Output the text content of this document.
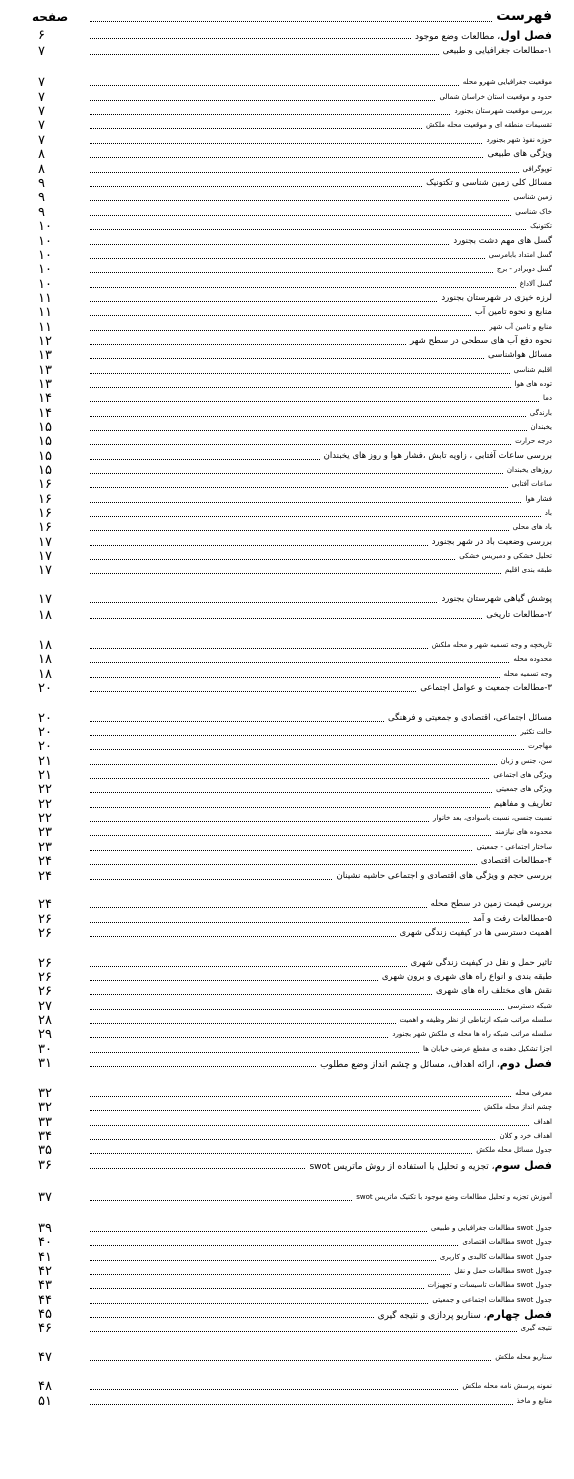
فهرست
صفحه
۶	فصل اول، مطالعات وضع موجود
۷	۱-مطالعات جغرافیایی و طبیعی
۷	موقعیت جغرافیایی شهرو محله
۷	حدود و موقعیت استان خراسان شمالی
۷	بررسی موقعیت شهرستان بجنورد
۷	تقسیمات منطقه ای و موقعیت محله ملکش
۷	حوزه نفوذ شهر بجنورد
۸	ویژگی های طبیعی
۸	توپوگرافی
۹	مسائل کلی زمین شناسی و تکتونیک
۹	زمین شناسی
۹	خاک شناسی
۱۰	تکتونیک
۱۰	گسل های مهم دشت بجنورد
۱۰	گسل امتداد بابامرسی
۱۰	گسل دوبرادر - برج
۱۰	گسل آلاداغ
۱۱	لرزه خیزی در شهرستان بجنورد
۱۱	منابع و نحوه تامین آب
۱۱	منابع و تامین آب شهر
۱۲	نحوه دفع آب های سطحی در سطح شهر
۱۳	مسائل هواشناسی
۱۳	اقلیم شناسی
۱۳	توده های هوا
۱۴	دما
۱۴	بارندگی
۱۵	یخبندان
۱۵	درجه حرارت
۱۵	بررسی ساعات آفتابی ، زاویه تابش ،فشار هوا و روز های یخبندان
۱۵	روزهای یخبندان
۱۶	ساعات آفتابی
۱۶	فشار هوا
۱۶	باد
۱۶	باد های محلی
۱۷	بررسی وضعیت باد در شهر بجنورد
۱۷	تحلیل خشکی و دمبریس خشکی
۱۷	طبقه بندی اقلیم
۱۷	پوشش گیاهی شهرستان بجنورد
۱۸	۲-مطالعات تاریخی
۱۸	تاریخچه و وجه تسمیه شهر و محله ملکش
۱۸	محدوده محله
۱۸	وجه تسمیه محله
۲۰	۳-مطالعات جمعیت و عوامل اجتماعی
۲۰	مسائل اجتماعی، اقتصادی و جمعیتی و فرهنگی
۲۰	حالت تکثیر
۲۰	مهاجرت
۲۱	سن، جنس و زبان
۲۱	ویژگی های اجتماعی
۲۲	ویژگی های جمعیتی
۲۲	تعاریف و مفاهیم
۲۲	نسبت جنسی، نسبت باسوادی، بعد خانوار
۲۳	محدوده های نیازمند
۲۳	ساختار اجتماعی - جمعیتی
۲۴	۴-مطالعات اقتصادی
۲۴	بررسی حجم و ویژگی های اقتصادی و اجتماعی حاشیه نشینان
۲۴	بررسی قیمت زمین در سطح محله
۲۶	۵-مطالعات رفت و آمد
۲۶	اهمیت دسترسی ها در کیفیت زندگی شهری
۲۶	تاثیر حمل و نقل در کیفیت زندگی شهری
۲۶	طبقه بندی و انواع راه های شهری و برون شهری
۲۶	نقش های مختلف راه های شهری
۲۷	شبکه دسترسی
۲۸	سلسله مراتب شبکه ارتباطی از نظر وظیفه و اهمیت
۲۹	سلسله مراتب شبکه راه ها محله ی ملکش شهر بجنورد
۳۰	اجزا تشکیل دهنده ی مقطع عرضی خیابان ها
۳۱	فصل دوم، ارائه اهداف، مسائل و چشم انداز وضع مطلوب
۳۲	معرفی محله
۳۲	چشم انداز محله ملکش
۳۳	اهداف
۳۴	اهداف خرد و کلان
۳۵	جدول مسائل محله ملکش
۳۶	فصل سوم، تجزیه و تحلیل با استفاده از روش ماتریس swot
۳۷	آموزش تجزیه و تحلیل مطالعات وضع موجود با تکنیک ماتریس swot
۳۹	جدول swot مطالعات جغرافیایی و طبیعی
۴۰	جدول swot مطالعات اقتصادی
۴۱	جدول swot مطالعات کالبدی و کاربری
۴۲	جدول swot مطالعات حمل و نقل
۴۳	جدول swot مطالعات تاسیسات و تجهیزات
۴۴	جدول swot مطالعات اجتماعی و جمعیتی
۴۵	فصل چهارم، سناریو پردازی و نتیجه گیری
۴۶	نتیجه گیری
۴۷	سناریو محله ملکش
۴۸	نمونه پرسش نامه محله ملکش
۵۱	منابع و ماخذ
